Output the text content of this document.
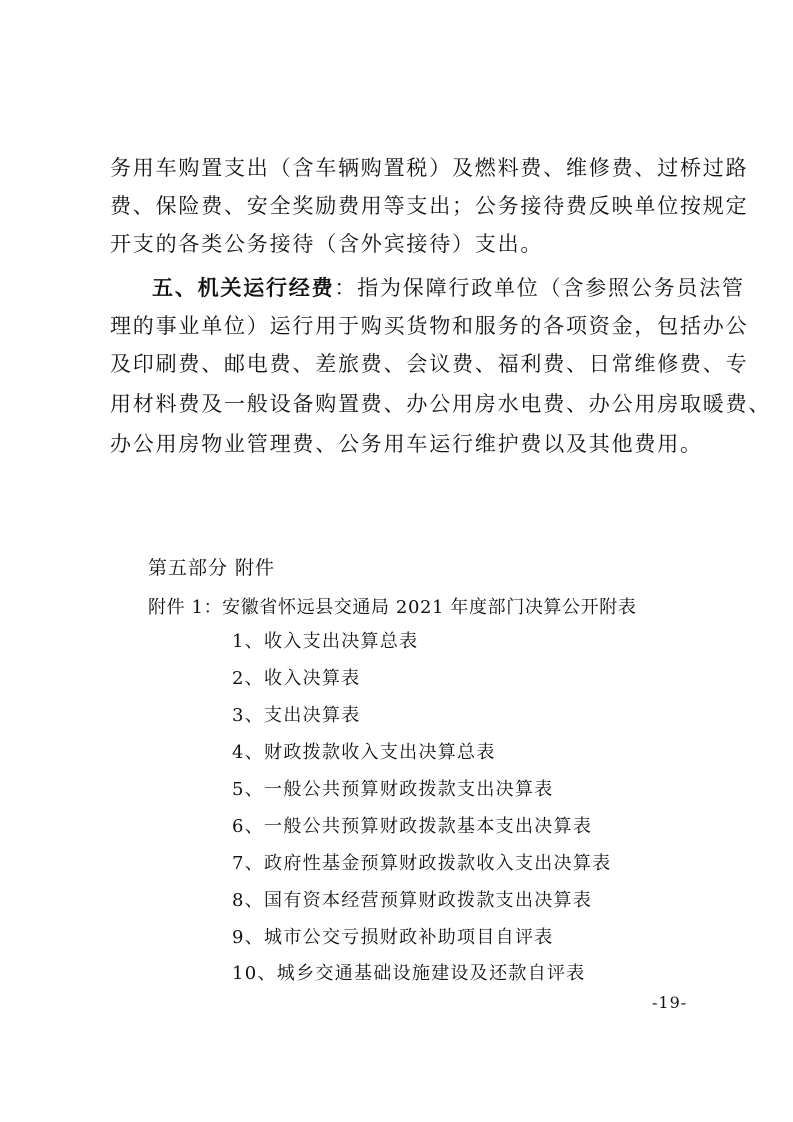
务用车购置支出（含车辆购置税）及燃料费、维修费、过桥过路
费、保险费、安全奖励费用等支出；公务接待费反映单位按规定
开支的各类公务接待（含外宾接待）支出。
五、机关运行经费：指为保障行政单位（含参照公务员法管
理的事业单位）运行用于购买货物和服务的各项资金，包括办公
及印刷费、邮电费、差旅费、会议费、福利费、日常维修费、专
用材料费及一般设备购置费、办公用房水电费、办公用房取暖费、
办公用房物业管理费、公务用车运行维护费以及其他费用。
第五部分 附件
附件 1：安徽省怀远县交通局 2021 年度部门决算公开附表
1、收入支出决算总表
2、收入决算表
3、支出决算表
4、财政拨款收入支出决算总表
5、一般公共预算财政拨款支出决算表
6、一般公共预算财政拨款基本支出决算表
7、政府性基金预算财政拨款收入支出决算表
8、国有资本经营预算财政拨款支出决算表
9、城市公交亏损财政补助项目自评表
10、城乡交通基础设施建设及还款自评表
-19-
